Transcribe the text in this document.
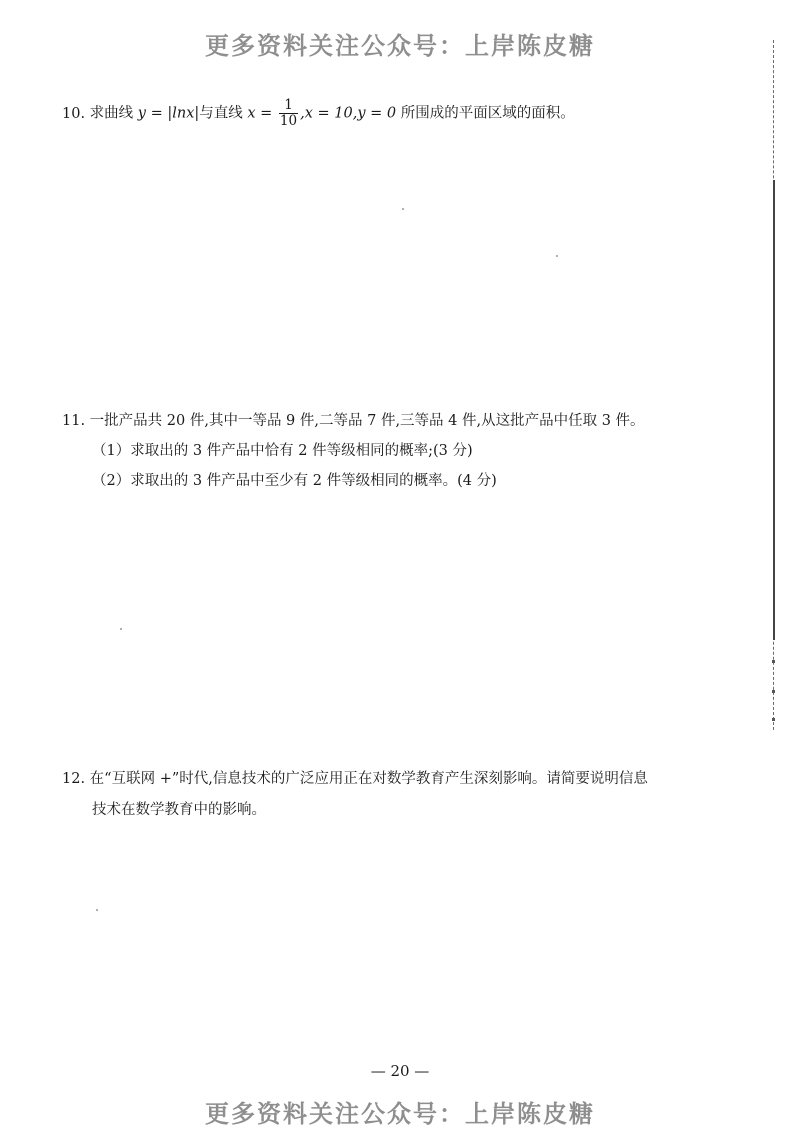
更多资料关注公众号：上岸陈皮糖
10. 求曲线 y = |lnx|与直线 $x = \frac{1}{10} ,x = 10,y = 0$ 所围成的平面区域的面积。
11. 一批产品共 20 件,其中一等品 9 件,二等品 7 件,三等品 4 件,从这批产品中任取 3 件。
（1）求取出的 3 件产品中恰有 2 件等级相同的概率;(3 分)
（2）求取出的 3 件产品中至少有 2 件等级相同的概率。(4 分)
12. 在“互联网 +”时代,信息技术的广泛应用正在对数学教育产生深刻影响。请简要说明信息
技术在数学教育中的影响。
— 20 —
更多资料关注公众号：上岸陈皮糖
